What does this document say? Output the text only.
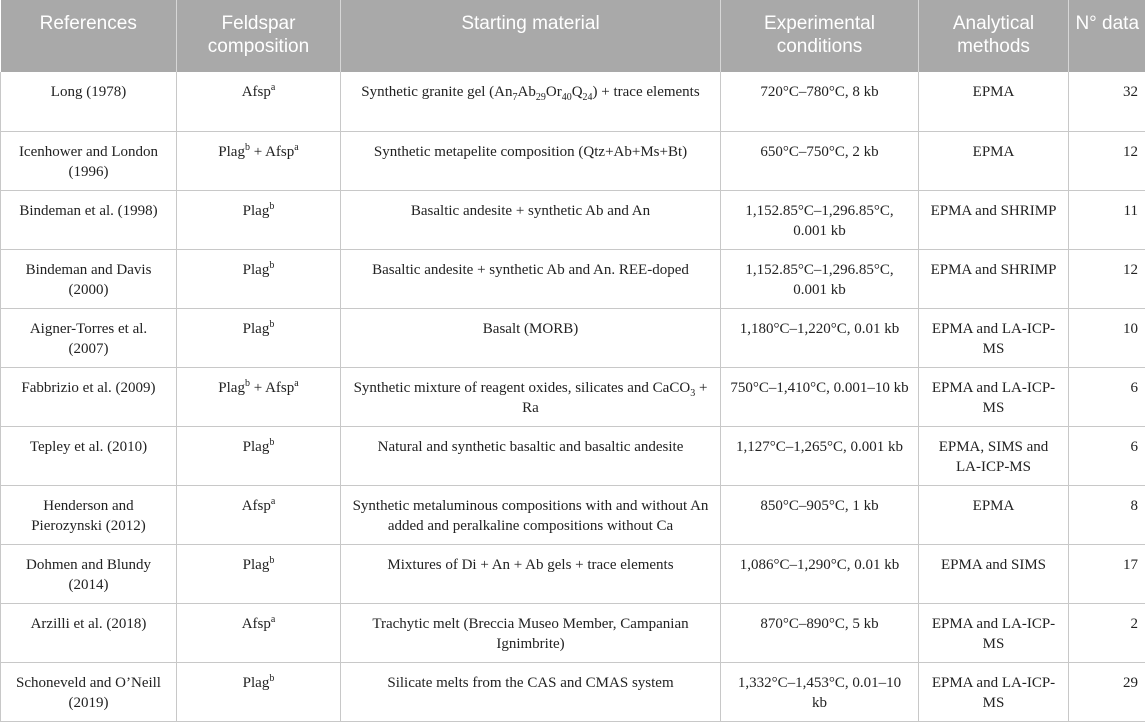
References	Feldspar composition	Starting material	Experimental conditions	Analytical methods	N° data
Long (1978)	Afsp$^a$	Synthetic granite gel $(An_7Ab_{29}Or_{40}Q_{24})$ + trace elements	720°C–780°C, 8 kb	EPMA	32
Icenhower and London (1996)	Plag$^b$ + Afsp$^a$	Synthetic metapelite composition (Qtz+Ab+Ms+Bt)	650°C–750°C, 2 kb	EPMA	12
Bindeman et al. (1998)	Plag$^b$	Basaltic andesite + synthetic Ab and An	1,152.85°C–1,296.85°C, 0.001 kb	EPMA and SHRIMP	11
Bindeman and Davis (2000)	Plag$^b$	Basaltic andesite + synthetic Ab and An. REE-doped	1,152.85°C–1,296.85°C, 0.001 kb	EPMA and SHRIMP	12
Aigner-Torres et al. (2007)	Plag$^b$	Basalt (MORB)	1,180°C–1,220°C, 0.01 kb	EPMA and LA-ICP-MS	10
Fabbrizio et al. (2009)	Plag$^b$ + Afsp$^a$	Synthetic mixture of reagent oxides, silicates and CaCO$_3$ + Ra	750°C–1,410°C, 0.001–10 kb	EPMA and LA-ICP-MS	6
Tepley et al. (2010)	Plag$^b$	Natural and synthetic basaltic and basaltic andesite	1,127°C–1,265°C, 0.001 kb	EPMA, SIMS and LA-ICP-MS	6
Henderson and Pierozynski (2012)	Afsp$^a$	Synthetic metaluminous compositions with and without An added and peralkaline compositions without Ca	850°C–905°C, 1 kb	EPMA	8
Dohmen and Blundy (2014)	Plag$^b$	Mixtures of Di + An + Ab gels + trace elements	1,086°C–1,290°C, 0.01 kb	EPMA and SIMS	17
Arzilli et al. (2018)	Afsp$^a$	Trachytic melt (Breccia Museo Member, Campanian Ignimbrite)	870°C–890°C, 5 kb	EPMA and LA-ICP-MS	2
Schoneveld and O’Neill (2019)	Plag$^b$	Silicate melts from the CAS and CMAS system	1,332°C–1,453°C, 0.01–10 kb	EPMA and LA-ICP-MS	29
